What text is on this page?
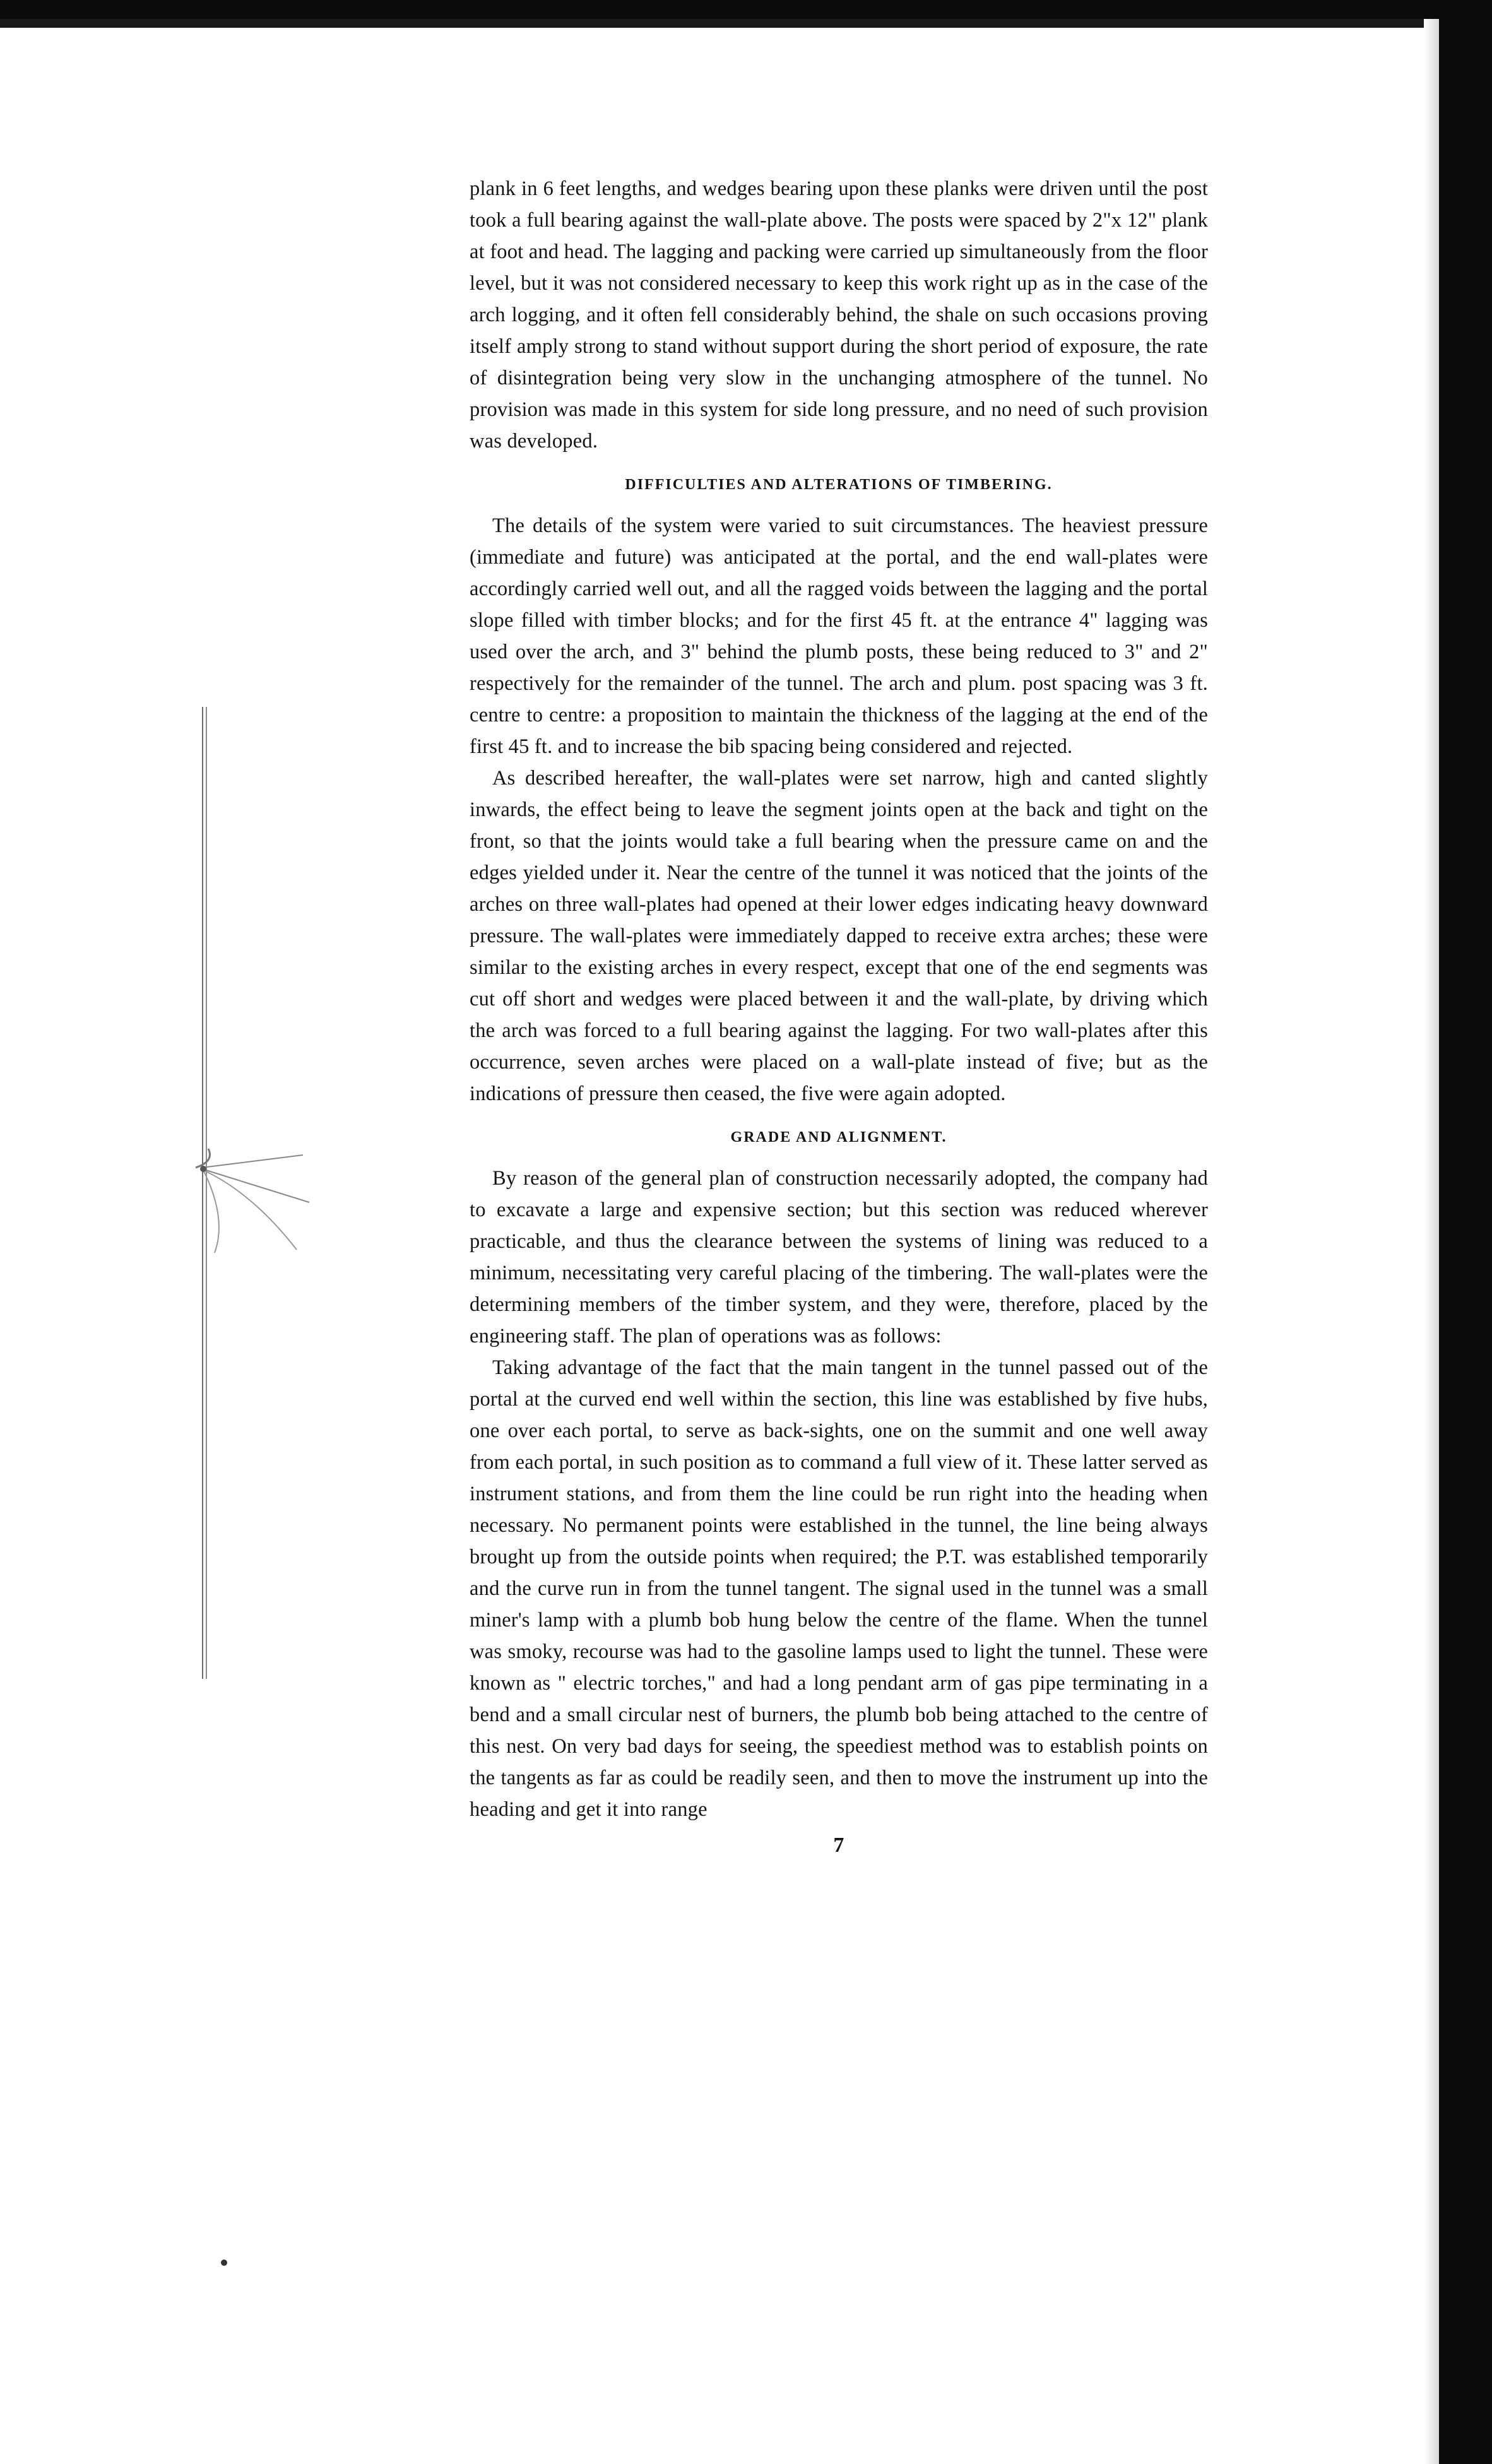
plank in 6 feet lengths, and wedges bearing upon these planks were driven until the post took a full bearing against the wall-plate above. The posts were spaced by 2"x 12" plank at foot and head. The lagging and packing were carried up simultaneously from the floor level, but it was not considered necessary to keep this work right up as in the case of the arch logging, and it often fell considerably behind, the shale on such occasions proving itself amply strong to stand without support during the short period of exposure, the rate of disintegration being very slow in the unchanging atmosphere of the tunnel. No provision was made in this system for side long pressure, and no need of such provision was developed.

DIFFICULTIES AND ALTERATIONS OF TIMBERING.

The details of the system were varied to suit circumstances. The heaviest pressure (immediate and future) was anticipated at the portal, and the end wall-plates were accordingly carried well out, and all the ragged voids between the lagging and the portal slope filled with timber blocks; and for the first 45 ft. at the entrance 4" lagging was used over the arch, and 3" behind the plumb posts, these being reduced to 3" and 2" respectively for the remainder of the tunnel. The arch and plum. post spacing was 3 ft. centre to centre: a proposition to maintain the thickness of the lagging at the end of the first 45 ft. and to increase the bib spacing being considered and rejected.

As described hereafter, the wall-plates were set narrow, high and canted slightly inwards, the effect being to leave the segment joints open at the back and tight on the front, so that the joints would take a full bearing when the pressure came on and the edges yielded under it. Near the centre of the tunnel it was noticed that the joints of the arches on three wall-plates had opened at their lower edges indicating heavy downward pressure. The wall-plates were immediately dapped to receive extra arches; these were similar to the existing arches in every respect, except that one of the end segments was cut off short and wedges were placed between it and the wall-plate, by driving which the arch was forced to a full bearing against the lagging. For two wall-plates after this occurrence, seven arches were placed on a wall-plate instead of five; but as the indications of pressure then ceased, the five were again adopted.

GRADE AND ALIGNMENT.

By reason of the general plan of construction necessarily adopted, the company had to excavate a large and expensive section; but this section was reduced wherever practicable, and thus the clearance between the systems of lining was reduced to a minimum, necessitating very careful placing of the timbering. The wall-plates were the determining members of the timber system, and they were, therefore, placed by the engineering staff. The plan of operations was as follows:

Taking advantage of the fact that the main tangent in the tunnel passed out of the portal at the curved end well within the section, this line was established by five hubs, one over each portal, to serve as back-sights, one on the summit and one well away from each portal, in such position as to command a full view of it. These latter served as instrument stations, and from them the line could be run right into the heading when necessary. No permanent points were established in the tunnel, the line being always brought up from the outside points when required; the P.T. was established temporarily and the curve run in from the tunnel tangent. The signal used in the tunnel was a small miner's lamp with a plumb bob hung below the centre of the flame. When the tunnel was smoky, recourse was had to the gasoline lamps used to light the tunnel. These were known as " electric torches," and had a long pendant arm of gas pipe terminating in a bend and a small circular nest of burners, the plumb bob being attached to the centre of this nest. On very bad days for seeing, the speediest method was to establish points on the tangents as far as could be readily seen, and then to move the instrument up into the heading and get it into range

7
